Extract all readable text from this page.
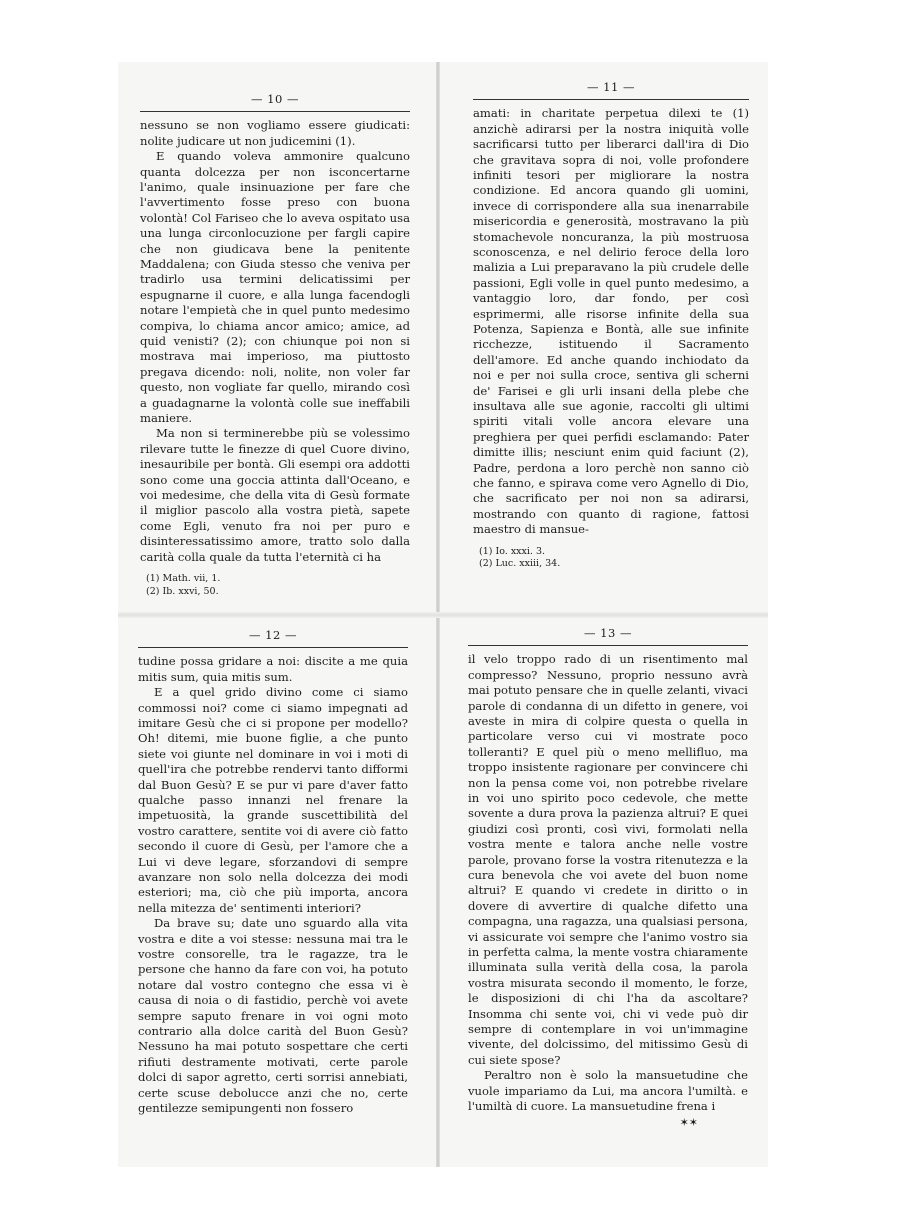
— 10 —

nessuno se non vogliamo essere giudicati: nolite judicare ut non judicemini (1).

E quando voleva ammonire qualcuno quanta dolcezza per non isconcertarne l'animo, quale insinuazione per fare che l'avvertimento fosse preso con buona volontà! Col Fariseo che lo aveva ospitato usa una lunga circonlocuzione per fargli capire che non giudicava bene la penitente Maddalena; con Giuda stesso che veniva per tradirlo usa termini delicatissimi per espugnarne il cuore, e alla lunga facendogli notare l'empietà che in quel punto medesimo compiva, lo chiama ancor amico; amice, ad quid venisti? (2); con chiunque poi non si mostrava mai imperioso, ma piuttosto pregava dicendo: noli, nolite, non voler far questo, non vogliate far quello, mirando così a guadagnarne la volontà colle sue ineffabili maniere.

Ma non si terminerebbe più se volessimo rilevare tutte le finezze di quel Cuore divino, inesauribile per bontà. Gli esempi ora addotti sono come una goccia attinta dall'Oceano, e voi medesime, che della vita di Gesù formate il miglior pascolo alla vostra pietà, sapete come Egli, venuto fra noi per puro e disinteressatissimo amore, tratto solo dalla carità colla quale da tutta l'eternità ci ha

(1) Math. vii, 1.
(2) Ib. xxvi, 50.
— 11 —

amati: in charitate perpetua dilexi te (1) anzichè adirarsi per la nostra iniquità volle sacrificarsi tutto per liberarci dall'ira di Dio che gravitava sopra di noi, volle profondere infiniti tesori per migliorare la nostra condizione. Ed ancora quando gli uomini, invece di corrispondere alla sua inenarrabile misericordia e generosità, mostravano la più stomachevole noncuranza, la più mostruosa sconoscenza, e nel delirio feroce della loro malizia a Lui preparavano la più crudele delle passioni, Egli volle in quel punto medesimo, a vantaggio loro, dar fondo, per così esprimermi, alle risorse infinite della sua Potenza, Sapienza e Bontà, alle sue infinite ricchezze, istituendo il Sacramento dell'amore. Ed anche quando inchiodato da noi e per noi sulla croce, sentiva gli scherni de' Farisei e gli urli insani della plebe che insultava alle sue agonie, raccolti gli ultimi spiriti vitali volle ancora elevare una preghiera per quei perfidi esclamando: Pater dimitte illis; nesciunt enim quid faciunt (2), Padre, perdona a loro perchè non sanno ciò che fanno, e spirava come vero Agnello di Dio, che sacrificato per noi non sa adirarsi, mostrando con quanto di ragione, fattosi maestro di mansue-

(1) Io. xxxi. 3.
(2) Luc. xxiii, 34.
— 12 —

tudine possa gridare a noi: discite a me quia mitis sum, quia mitis sum.

E a quel grido divino come ci siamo commossi noi? come ci siamo impegnati ad imitare Gesù che ci si propone per modello? Oh! ditemi, mie buone figlie, a che punto siete voi giunte nel dominare in voi i moti di quell'ira che potrebbe rendervi tanto difformi dal Buon Gesù? E se pur vi pare d'aver fatto qualche passo innanzi nel frenare la impetuosità, la grande suscettibilità del vostro carattere, sentite voi di avere ciò fatto secondo il cuore di Gesù, per l'amore che a Lui vi deve legare, sforzandovi di sempre avanzare non solo nella dolcezza dei modi esteriori; ma, ciò che più importa, ancora nella mitezza de' sentimenti interiori?

Da brave su; date uno sguardo alla vita vostra e dite a voi stesse: nessuna mai tra le vostre consorelle, tra le ragazze, tra le persone che hanno da fare con voi, ha potuto notare dal vostro contegno che essa vi è causa di noia o di fastidio, perchè voi avete sempre saputo frenare in voi ogni moto contrario alla dolce carità del Buon Gesù? Nessuno ha mai potuto sospettare che certi rifiuti destramente motivati, certe parole dolci di sapor agretto, certi sorrisi annebiati, certe scuse debolucce anzi che no, certe gentilezze semipungenti non fossero

— 13 —

il velo troppo rado di un risentimento mal compresso? Nessuno, proprio nessuno avrà mai potuto pensare che in quelle zelanti, vivaci parole di condanna di un difetto in genere, voi aveste in mira di colpire questa o quella in particolare verso cui vi mostrate poco tolleranti? E quel più o meno mellifluo, ma troppo insistente ragionare per convincere chi non la pensa come voi, non potrebbe rivelare in voi uno spirito poco cedevole, che mette sovente a dura prova la pazienza altrui? E quei giudizi così pronti, così vivi, formolati nella vostra mente e talora anche nelle vostre parole, provano forse la vostra ritenutezza e la cura benevola che voi avete del buon nome altrui? E quando vi credete in diritto o in dovere di avvertire di qualche difetto una compagna, una ragazza, una qualsiasi persona, vi assicurate voi sempre che l'animo vostro sia in perfetta calma, la mente vostra chiaramente illuminata sulla verità della cosa, la parola vostra misurata secondo il momento, le forze, le disposizioni di chi l'ha da ascoltare? Insomma chi sente voi, chi vi vede può dir sempre di contemplare in voi un'immagine vivente, del dolcissimo, del mitissimo Gesù di cui siete spose?

Peraltro non è solo la mansuetudine che vuole impariamo da Lui, ma ancora l'umiltà. e l'umiltà di cuore. La mansuetudine frena i

✶✶
